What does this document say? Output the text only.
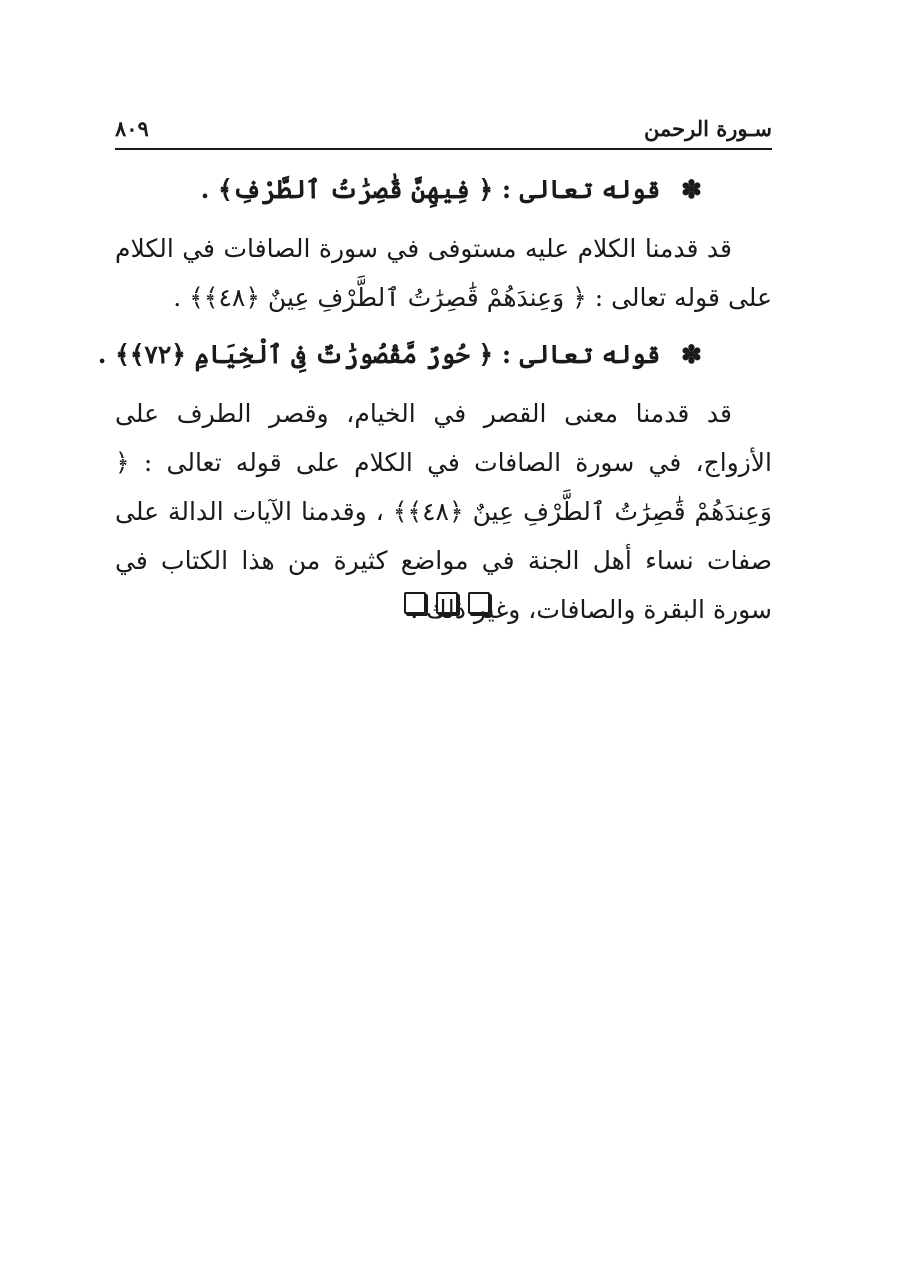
سـورة الرحمن
٨٠٩
✽ قوله تعالى : ﴿ فِيهِنَّ قَٰصِرَٰتُ ٱلطَّرْفِ﴾ .

قد قدمنا الكلام عليه مستوفى في سورة الصافات في الكلام على قوله تعالى : ﴿ وَعِندَهُمْ قَٰصِرَٰتُ ٱلطَّرْفِ عِينٌ ﴿٤٨﴾﴾ .

✽ قوله تعالى : ﴿ حُورٌ مَّقْصُورَٰتٌ فِى ٱلْخِيَامِ ﴿٧٢﴾﴾ .

قد قدمنا معنى القصر في الخيام، وقصر الطرف على الأزواج، في سورة الصافات في الكلام على قوله تعالى : ﴿ وَعِندَهُمْ قَٰصِرَٰتُ ٱلطَّرْفِ عِينٌ ﴿٤٨﴾﴾ ، وقدمنا الآيات الدالة على صفات نساء أهل الجنة في مواضع كثيرة من هذا الكتاب في سورة البقرة والصافات، وغير ذلك .
